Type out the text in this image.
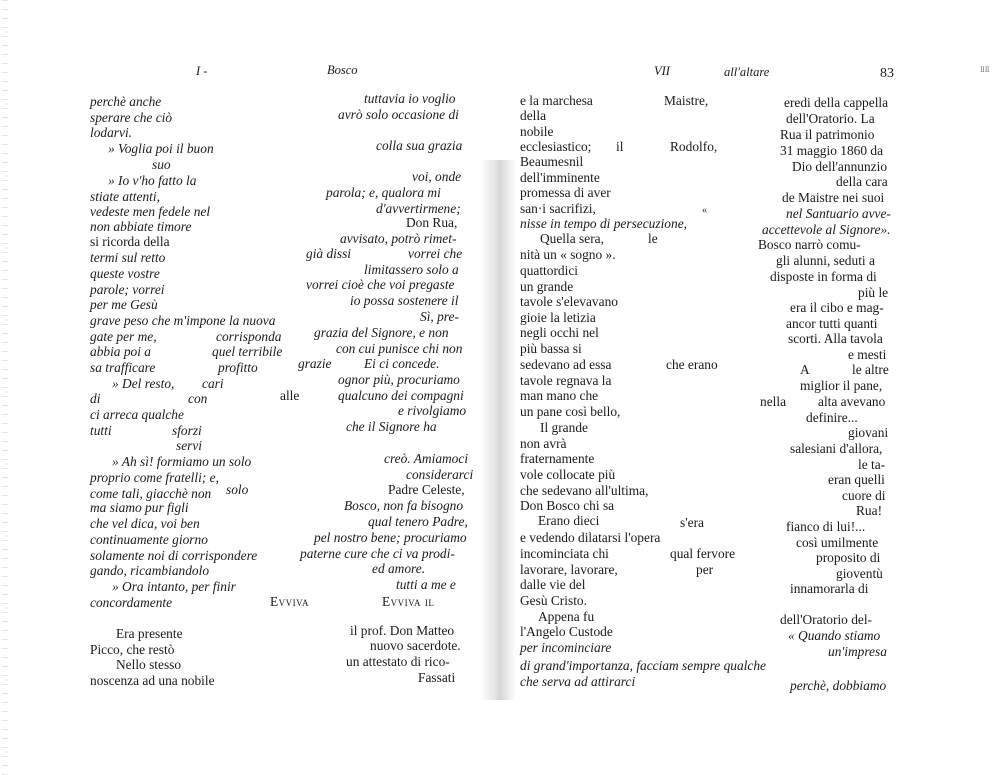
I -	Bosco
perchè anche
sperare che ciò
lodarvi.
» Voglia poi il buon
suo
» Io v'ho fatto la
stiate attenti,
vedeste men fedele nel
non abbiate timore
si ricorda della
termi sul retto
queste vostre
parole; vorrei
per me Gesù
grave peso che m'impone la nuova
gate per me,	corrisponda
abbia poi a	quel terribile
sa trafficare	profitto
» Del resto, cari
di	con
ci arreca qualche
tutti	sforzi
servi
» Ah sì! formiamo un solo
proprio come fratelli; e,
come tali, giacchè non solo
ma siamo pur figli
che vel dica, voi ben
continuamente giorno
solamente noi di corrispondere
gando, ricambiandolo
» Ora intanto, per finir
concordamente	Evviva
Era presente
Picco, che restò
Nello stesso
noscenza ad una nobile
tuttavia io voglio
avrò solo occasione di
colla sua grazia
voi, onde
parola; e, qualora mi
d'avvertirmene;
Don Rua,
avvisato, potrò rimet-
già dissi	vorrei che
limitassero solo a
vorrei cioè che voi pregaste
io possa sostenere il
Sì, pre-
grazia del Signore, e non
con cui punisce chi non
grazie Ei ci concede.
ognor più, procuriamo
alle	qualcuno dei compagni
e rivolgiamo
che il Signore ha
creò. Amiamoci
considerarci
Padre Celeste,
Bosco, non fa bisogno
qual tenero Padre,
pel nostro bene; procuriamo
paterne cure che ci va prodi-
ed amore.
tutti a me e
Evviva il
il prof. Don Matteo
nuovo sacerdote.
un attestato di rico-
Fassati
VII	all'altare	83	ⅡⅡ
e la marchesa	Maistre,
della
nobile
ecclesiastico; il	Rodolfo,
Beaumesnil
dell'imminente
promessa di aver
san·i sacrifizi,	«
nisse in tempo di persecuzione,
Quella sera,	le
nità un « sogno ».
quattordici
un grande
tavole s'elevavano
gioie la letizia
negli occhi nel
più bassa si
sedevano ad essa	che erano
tavole regnava la
man mano che
un pane così bello,
Il grande
non avrà
fraternamente
vole collocate più
che sedevano all'ultima,
Don Bosco chi sa
Erano dieci	s'era
e vedendo dilatarsi l'opera
incominciata chi	qual fervore
lavorare, lavorare,	per
dalle vie del
Gesù Cristo.
Appena fu
l'Angelo Custode
per incominciare
di grand'importanza, facciam sempre qualche
che serva ad attirarci
eredi della cappella
dell'Oratorio. La
Rua il patrimonio
31 maggio 1860 da
Dio dell'annunzio
della cara
de Maistre nei suoi
nel Santuario avve-
accettevole al Signore».
Bosco narrò comu-
gli alunni, seduti a
disposte in forma di
più le
era il cibo e mag-
ancor tutti quanti
scorti. Alla tavola
e mesti
A	le altre
miglior il pane,
nella alta avevano
definire...
giovani
salesiani d'allora,
le ta-
eran quelli
cuore di
Rua!
fianco di lui!...
così umilmente
proposito di
gioventù
innamorarla di
dell'Oratorio del-
« Quando stiamo
un'impresa
perchè, dobbiamo
